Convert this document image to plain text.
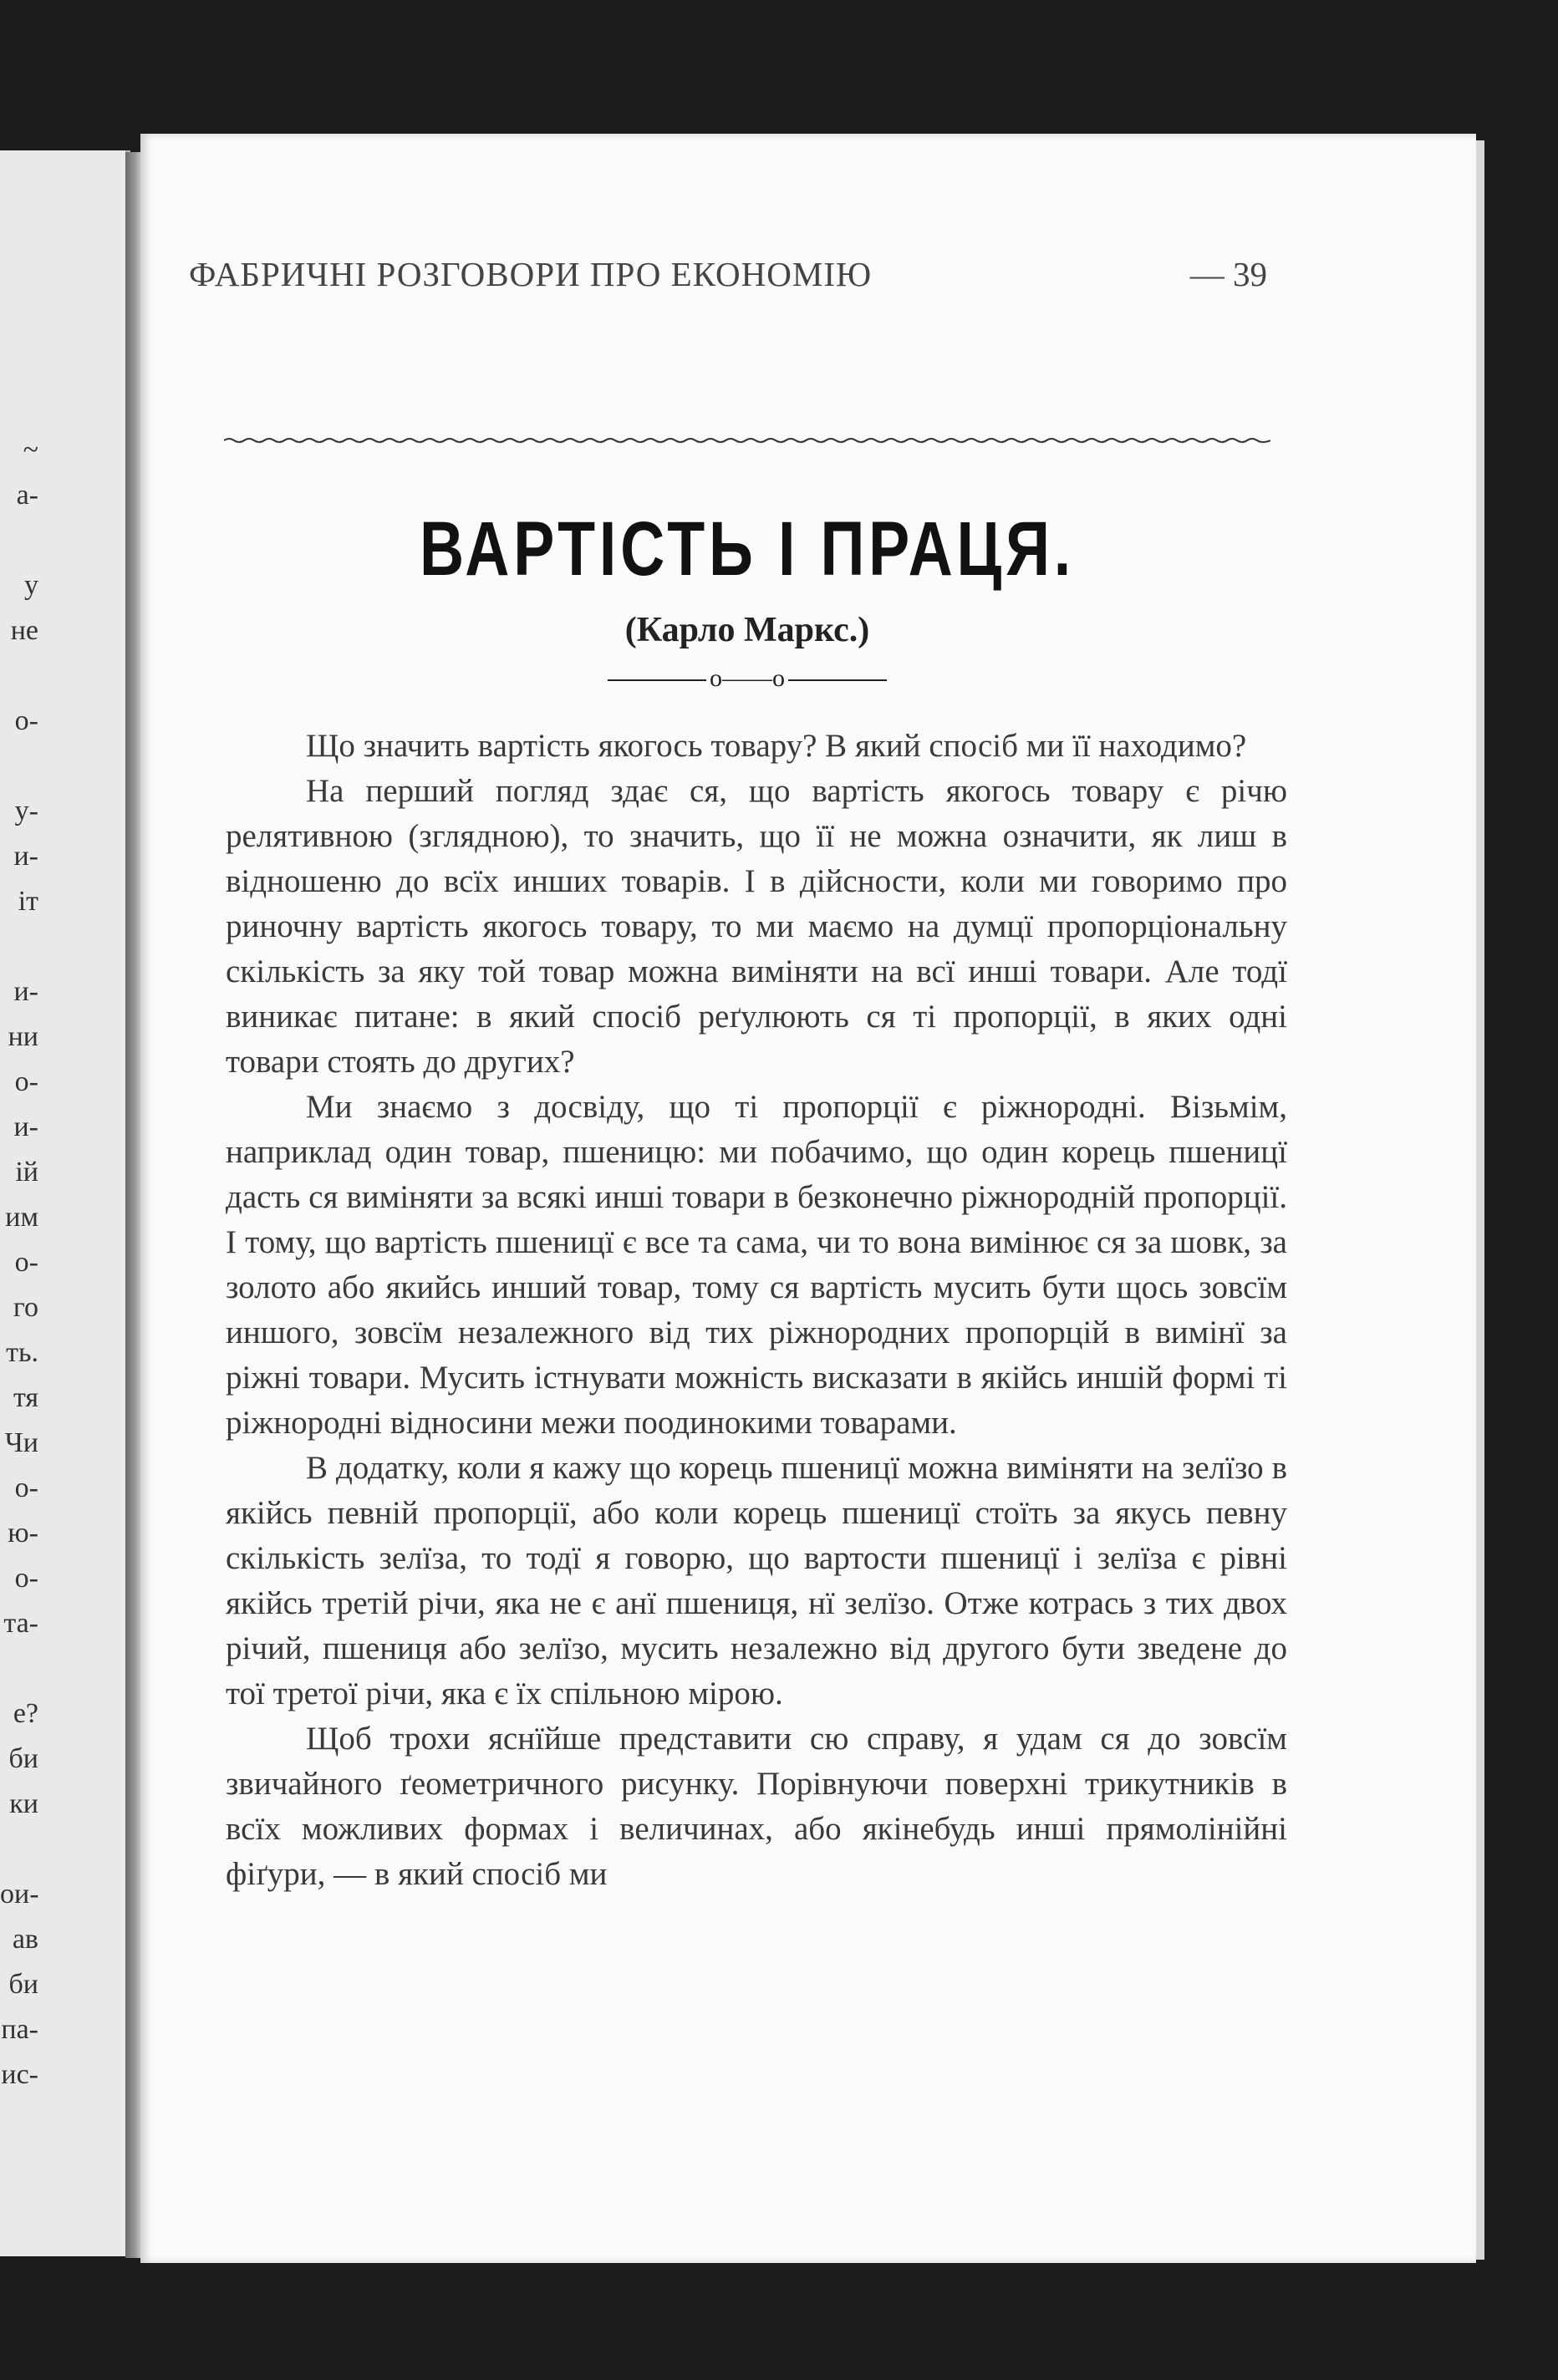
~
а-
у
не
о-
у-
и-
іт
и-
ни
о-
и-
ій
им
о-
го
ть.
тя
Чи
о-
ю-
о-
та-
е?
би
ки
ои-
ав
би
па-
ис-
ФАБРИЧНІ РОЗГОВОРИ ПРО ЕКОНОМІЮ	— 39
ВАРТІСТЬ І ПРАЦЯ.
(Карло Маркс.)
o——o

Що значить вартість якогось товару? В який спосіб ми її находимо?

На перший погляд здає ся, що вартість якогось товару є річю релятивною (зглядною), то значить, що її не можна означити, як лиш в відношеню до всїх инших товарів. І в дійсности, коли ми говоримо про риночну вартість якогось товару, то ми маємо на думцї пропорціональну скількість за яку той товар можна виміняти на всї инші товари. Але тодї виникає питане: в який спосіб реґулюють ся ті пропорції, в яких одні товари стоять до других?

Ми знаємо з досвіду, що ті пропорції є ріжнородні. Візьмім, наприклад один товар, пшеницю: ми побачимо, що один корець пшеницї дасть ся виміняти за всякі инші товари в безконечно ріжнородній пропорції. І тому, що вартість пшеницї є все та сама, чи то вона вимінює ся за шовк, за золото або якийсь инший товар, тому ся вартість мусить бути щось зовсїм иншого, зовсїм незалежного від тих ріжнородних пропорцій в вимінї за ріжні товари. Мусить істнувати можність висказати в якійсь иншій формі ті ріжнородні відносини межи поодинокими товарами.

В додатку, коли я кажу що корець пшеницї можна виміняти на зелїзо в якійсь певній пропорції, або коли корець пшеницї стоїть за якусь певну скількість зелїза, то тодї я говорю, що вартости пшеницї і зелїза є рівні якійсь третій річи, яка не є анї пшениця, нї зелїзо. Отже котрась з тих двох річий, пшениця або зелїзо, мусить незалежно від другого бути зведене до тої третої річи, яка є їх спільною мірою.

Щоб трохи яснїйше представити сю справу, я удам ся до зовсїм звичайного ґеометричного рисунку. Порівнуючи поверхні трикутників в всїх можливих формах і величинах, або якінебудь инші прямолінійні фіґури, — в який спосіб ми
